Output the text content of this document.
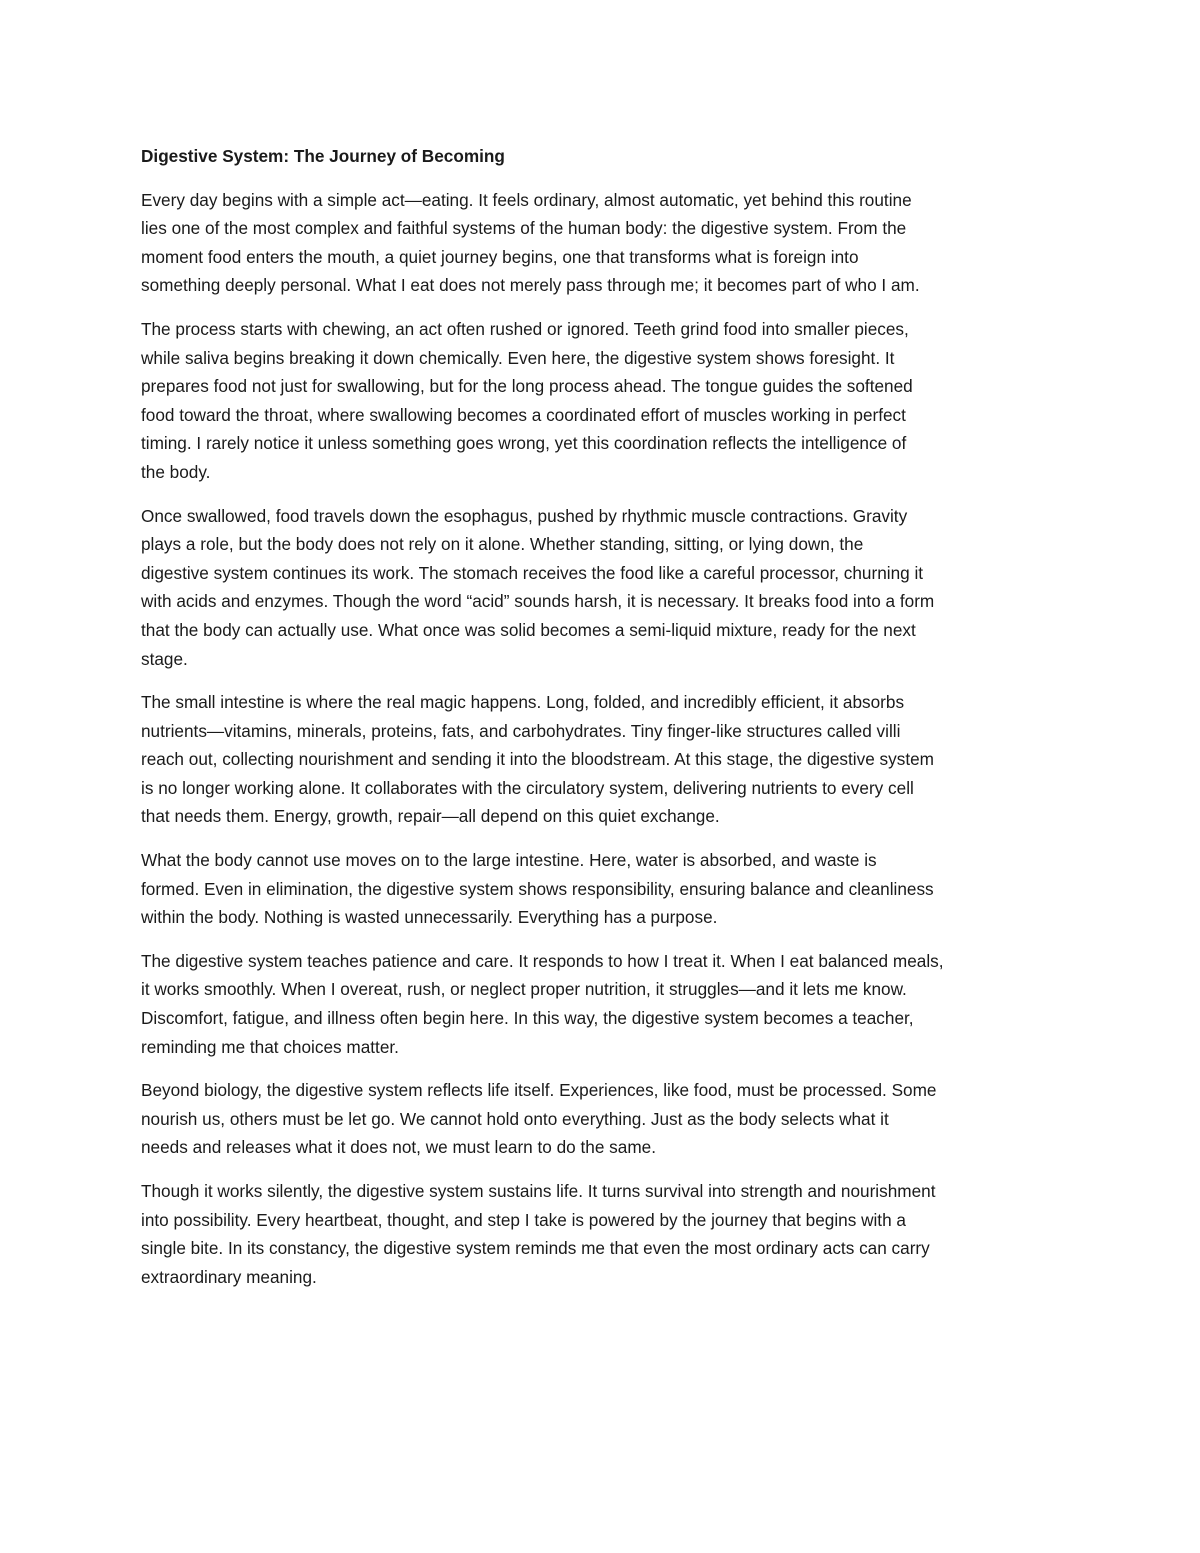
Digestive System: The Journey of Becoming
Every day begins with a simple act—eating. It feels ordinary, almost automatic, yet behind this routine
lies one of the most complex and faithful systems of the human body: the digestive system. From the
moment food enters the mouth, a quiet journey begins, one that transforms what is foreign into
something deeply personal. What I eat does not merely pass through me; it becomes part of who I am.
The process starts with chewing, an act often rushed or ignored. Teeth grind food into smaller pieces,
while saliva begins breaking it down chemically. Even here, the digestive system shows foresight. It
prepares food not just for swallowing, but for the long process ahead. The tongue guides the softened
food toward the throat, where swallowing becomes a coordinated effort of muscles working in perfect
timing. I rarely notice it unless something goes wrong, yet this coordination reflects the intelligence of
the body.
Once swallowed, food travels down the esophagus, pushed by rhythmic muscle contractions. Gravity
plays a role, but the body does not rely on it alone. Whether standing, sitting, or lying down, the
digestive system continues its work. The stomach receives the food like a careful processor, churning it
with acids and enzymes. Though the word “acid” sounds harsh, it is necessary. It breaks food into a form
that the body can actually use. What once was solid becomes a semi-liquid mixture, ready for the next
stage.
The small intestine is where the real magic happens. Long, folded, and incredibly efficient, it absorbs
nutrients—vitamins, minerals, proteins, fats, and carbohydrates. Tiny finger-like structures called villi
reach out, collecting nourishment and sending it into the bloodstream. At this stage, the digestive system
is no longer working alone. It collaborates with the circulatory system, delivering nutrients to every cell
that needs them. Energy, growth, repair—all depend on this quiet exchange.
What the body cannot use moves on to the large intestine. Here, water is absorbed, and waste is
formed. Even in elimination, the digestive system shows responsibility, ensuring balance and cleanliness
within the body. Nothing is wasted unnecessarily. Everything has a purpose.
The digestive system teaches patience and care. It responds to how I treat it. When I eat balanced meals,
it works smoothly. When I overeat, rush, or neglect proper nutrition, it struggles—and it lets me know.
Discomfort, fatigue, and illness often begin here. In this way, the digestive system becomes a teacher,
reminding me that choices matter.
Beyond biology, the digestive system reflects life itself. Experiences, like food, must be processed. Some
nourish us, others must be let go. We cannot hold onto everything. Just as the body selects what it
needs and releases what it does not, we must learn to do the same.
Though it works silently, the digestive system sustains life. It turns survival into strength and nourishment
into possibility. Every heartbeat, thought, and step I take is powered by the journey that begins with a
single bite. In its constancy, the digestive system reminds me that even the most ordinary acts can carry
extraordinary meaning.
